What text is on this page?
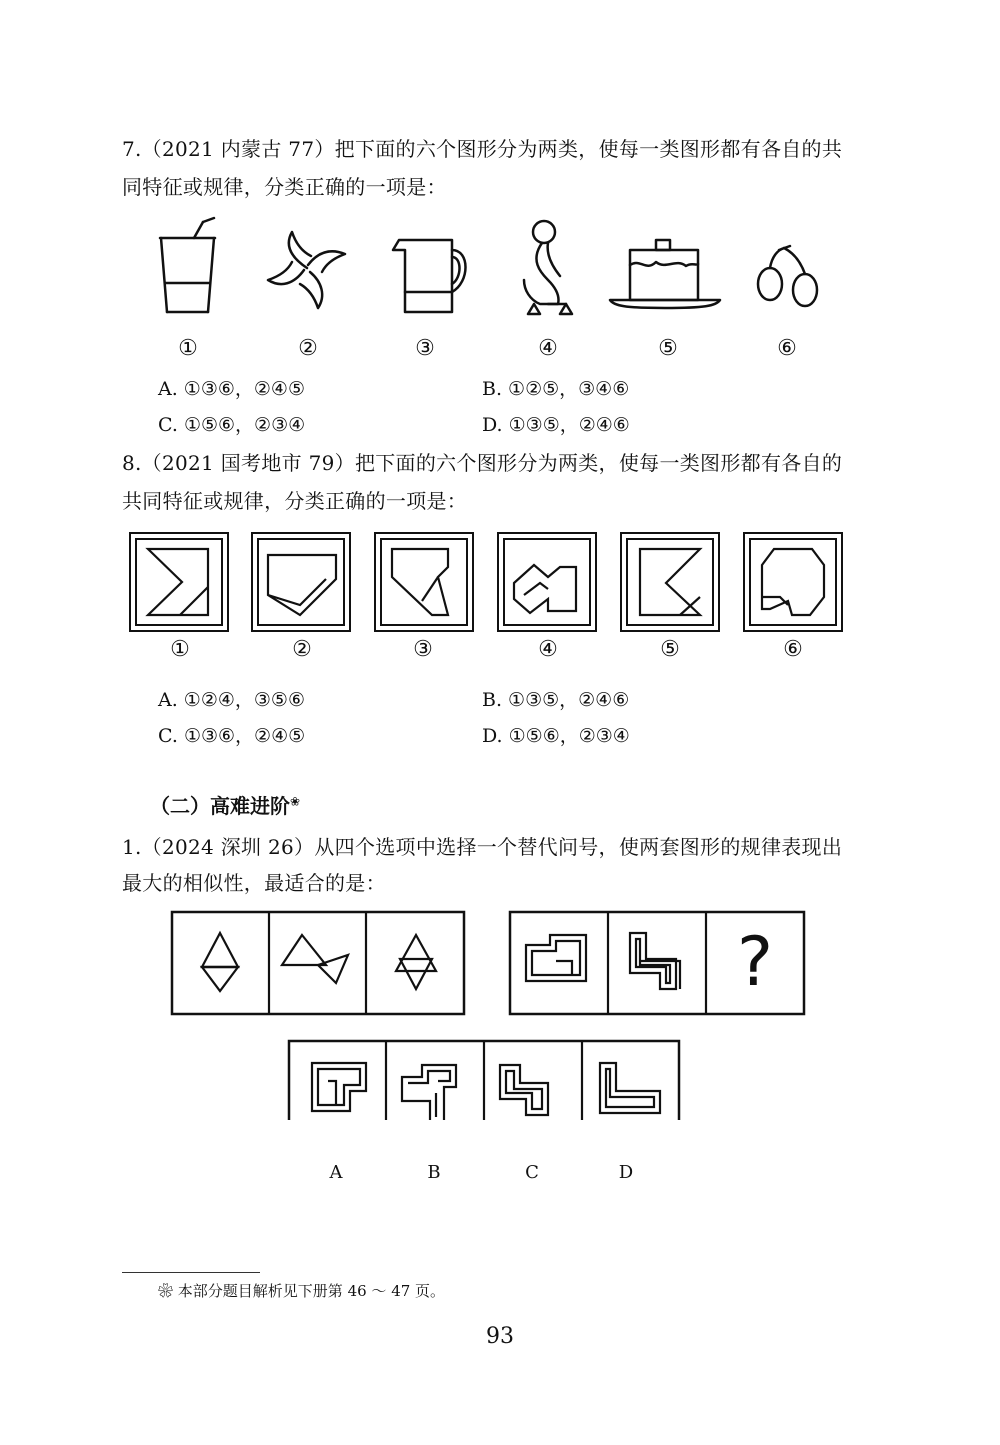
7.（2021 内蒙古 77）把下面的六个图形分为两类，使每一类图形都有各自的共
同特征或规律，分类正确的一项是：
①	②	③	④	⑤	⑥
A. ①③⑥，②④⑤	B. ①②⑤，③④⑥
C. ①⑤⑥，②③④	D. ①③⑤，②④⑥
8.（2021 国考地市 79）把下面的六个图形分为两类，使每一类图形都有各自的
共同特征或规律，分类正确的一项是：
①	②	③	④	⑤	⑥
A. ①②④，③⑤⑥	B. ①③⑤，②④⑥
C. ①③⑥，②④⑤	D. ①⑤⑥，②③④
（二）高难进阶❀
1.（2024 深圳 26）从四个选项中选择一个替代问号，使两套图形的规律表现出
最大的相似性，最适合的是：
?
A	B	C	D
❀ 本部分题目解析见下册第 46 ～ 47 页。
93
